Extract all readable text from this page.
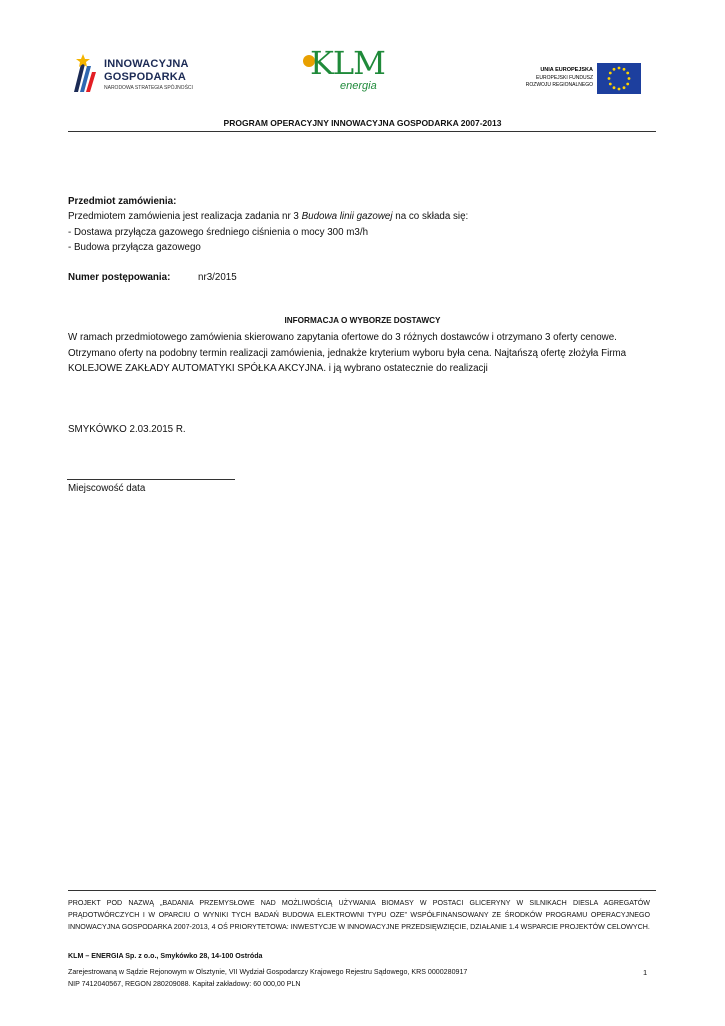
INNOWACYJNA
GOSPODARKA
NARODOWA STRATEGIA SPÓJNOŚCI
KLM
energia
UNIA EUROPEJSKA
EUROPEJSKI FUNDUSZ
ROZWOJU REGIONALNEGO
PROGRAM OPERACYJNY INNOWACYJNA GOSPODARKA 2007-2013
Przedmiot zamówienia:
Przedmiotem zamówienia jest realizacja zadania nr 3 Budowa linii gazowej na co składa się:
- Dostawa przyłącza gazowego średniego ciśnienia o mocy 300 m3/h
- Budowa przyłącza gazowego
Numer postępowania:	nr3/2015
INFORMACJA O WYBORZE DOSTAWCY
W ramach przedmiotowego zamówienia skierowano zapytania ofertowe do 3 różnych dostawców i otrzymano 3 oferty cenowe.
Otrzymano oferty na podobny termin realizacji zamówienia, jednakże kryterium wyboru była cena. Najtańszą ofertę złożyła Firma
KOLEJOWE ZAKŁADY AUTOMATYKI SPÓŁKA AKCYJNA. i ją wybrano ostatecznie do realizacji
SMYKÓWKO 2.03.2015 R.
Miejscowość data
PROJEKT POD NAZWĄ „BADANIA PRZEMYSŁOWE NAD MOŻLIWOŚCIĄ UŻYWANIA BIOMASY W POSTACI GLICERYNY W SILNIKACH DIESLA AGREGATÓW PRĄDOTWÓRCZYCH I W OPARCIU O WYNIKI TYCH BADAŃ BUDOWA ELEKTROWNI TYPU OZE” WSPÓŁFINANSOWANY ZE ŚRODKÓW PROGRAMU OPERACYJNEGO INNOWACYJNA GOSPODARKA 2007-2013, 4 OŚ PRIORYTETOWA: INWESTYCJE W INNOWACYJNE PRZEDSIĘWZIĘCIE, DZIAŁANIE 1.4 WSPARCIE PROJEKTÓW CELOWYCH.
KLM – ENERGIA Sp. z o.o., Smykówko 28, 14-100 Ostróda
Zarejestrowaną w Sądzie Rejonowym w Olsztynie, VII Wydział Gospodarczy Krajowego Rejestru Sądowego, KRS 0000280917
NIP 7412040567, REGON 280209088. Kapitał zakładowy: 60 000,00 PLN
1
